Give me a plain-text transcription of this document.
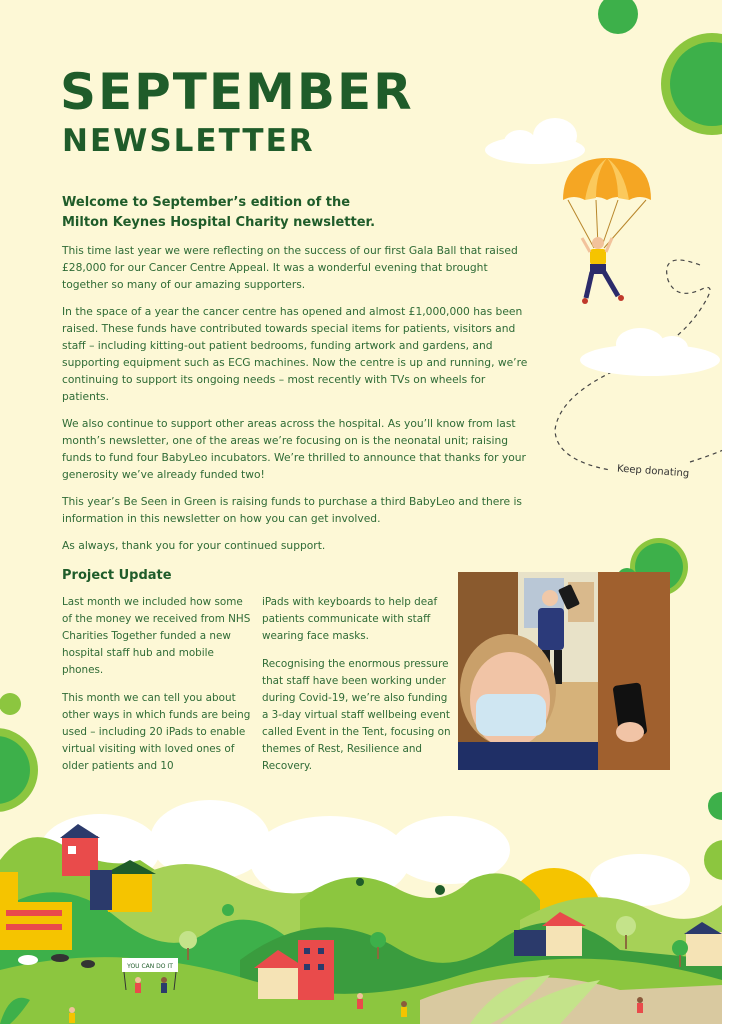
YOU CAN DO IT
SEPTEMBER
NEWSLETTER
Welcome to September’s edition of the
Milton Keynes Hospital Charity newsletter.

This time last year we were reflecting on the success of our first Gala Ball that raised £28,000 for our Cancer Centre Appeal. It was a wonderful evening that brought together so many of our amazing supporters.

In the space of a year the cancer centre has opened and almost £1,000,000 has been raised. These funds have contributed towards special items for patients, visitors and staff – including kitting-out patient bedrooms, funding artwork and gardens, and supporting equipment such as ECG machines. Now the centre is up and running, we’re continuing to support its ongoing needs – most recently with TVs on wheels for patients.

We also continue to support other areas across the hospital. As you’ll know from last month’s newsletter, one of the areas we’re focusing on is the neonatal unit; raising funds to fund four BabyLeo incubators. We’re thrilled to announce that thanks for your generosity we’ve already funded two!

This year’s Be Seen in Green is raising funds to purchase a third BabyLeo and there is information in this newsletter on how you can get involved.

As always, thank you for your continued support.

Keep donating
Project Update

Last month we included how some of the money we received from NHS Charities Together funded a new hospital staff hub and mobile phones.

This month we can tell you about other ways in which funds are being used – including 20 iPads to enable virtual visiting with loved ones of older patients and 10

iPads with keyboards to help deaf patients communicate with staff wearing face masks.

Recognising the enormous pressure that staff have been working under during Covid-19, we’re also funding a 3-day virtual staff wellbeing event called Event in the Tent, focusing on themes of Rest, Resilience and Recovery.
